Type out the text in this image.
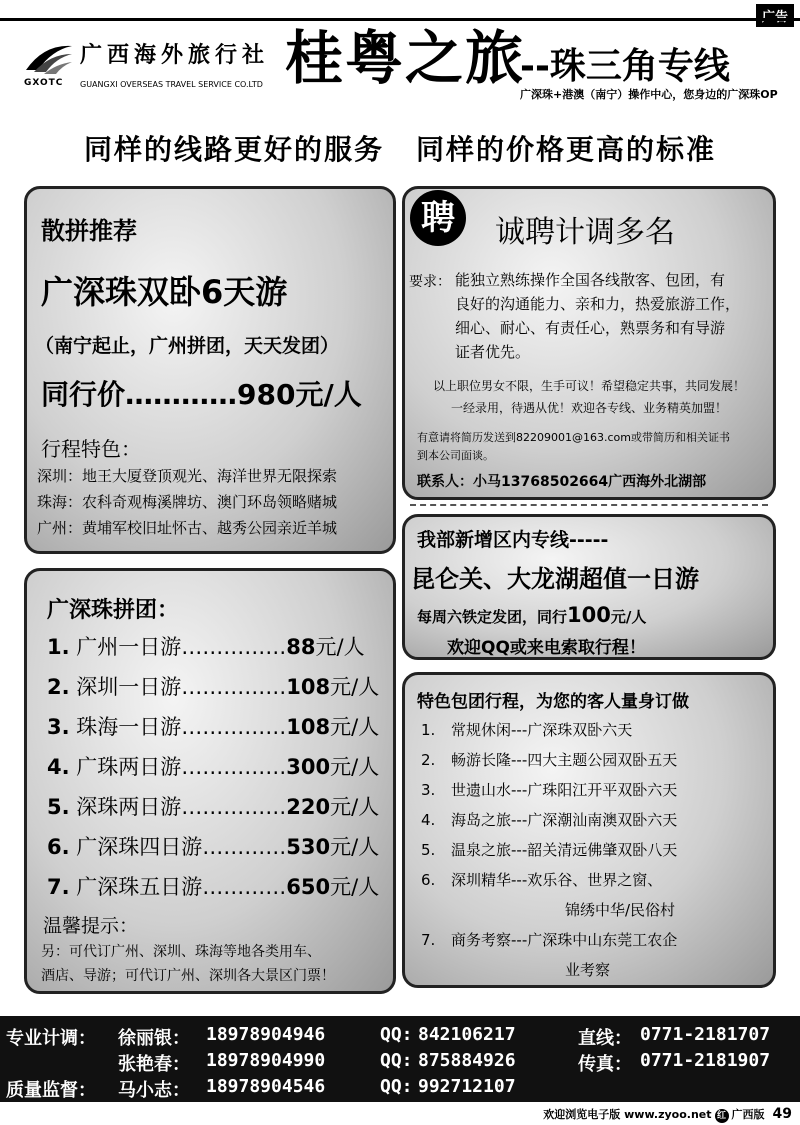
GXOTC
广西海外旅行社
GUANGXI OVERSEAS TRAVEL SERVICE CO.LTD 桂粤之旅
--珠三角专线
广深珠+港澳（南宁）操作中心，您身边的广深珠OP
同样的线路更好的服务 同样的价格更高的标准
散拼推荐
广深珠双卧6天游
（南宁起止，广州拼团，天天发团）
同行价…………980元/人
行程特色：
深圳：地王大厦登顶观光、海洋世界无限探索
珠海：农科奇观梅溪牌坊、澳门环岛领略赌城
广州：黄埔军校旧址怀古、越秀公园亲近羊城
广深珠拼团：
1. 广州一日游……………88元/人
2. 深圳一日游……………108元/人
3. 珠海一日游……………108元/人
4. 广珠两日游……………300元/人
5. 深珠两日游……………220元/人
6. 广深珠四日游…………530元/人
7. 广深珠五日游…………650元/人
温馨提示：
另：可代订广州、深圳、珠海等地各类用车、
酒店、导游；可代订广州、深圳各大景区门票！
诚聘计调多名
要求： 能独立熟练操作全国各线散客、包团，有
良好的沟通能力、亲和力，热爱旅游工作，
细心、耐心、有责任心，熟票务和有导游
证者优先。
以上职位男女不限，生手可议！希望稳定共事，共同发展！
一经录用，待遇从优！欢迎各专线、业务精英加盟！
有意请将简历发送到82209001@163.com或带简历和相关证书
到本公司面谈。
联系人：小马13768502664广西海外北湖部
聘
我部新增区内专线-----
昆仑关、大龙湖超值一日游
每周六铁定发团，同行100元/人
欢迎QQ或来电索取行程！
特色包团行程，为您的客人量身订做
1. 常规休闲---广深珠双卧六天
2. 畅游长隆---四大主题公园双卧五天
3. 世遗山水---广珠阳江开平双卧六天
4. 海岛之旅---广深潮汕南澳双卧六天
5. 温泉之旅---韶关清远佛肇双卧八天
6. 深圳精华---欢乐谷、世界之窗、
锦绣中华/民俗村
7. 商务考察---广深珠中山东莞工农企
业考察
专业计调： 徐丽银： 18978904946	QQ: 842106217	直线： 0771-2181707
张艳春： 18978904990	QQ: 875884926	传真： 0771-2181907
质量监督： 马小志： 18978904546	QQ: 992712107
欢迎浏览电子版 www.zyoo.net 红 广西版 49
